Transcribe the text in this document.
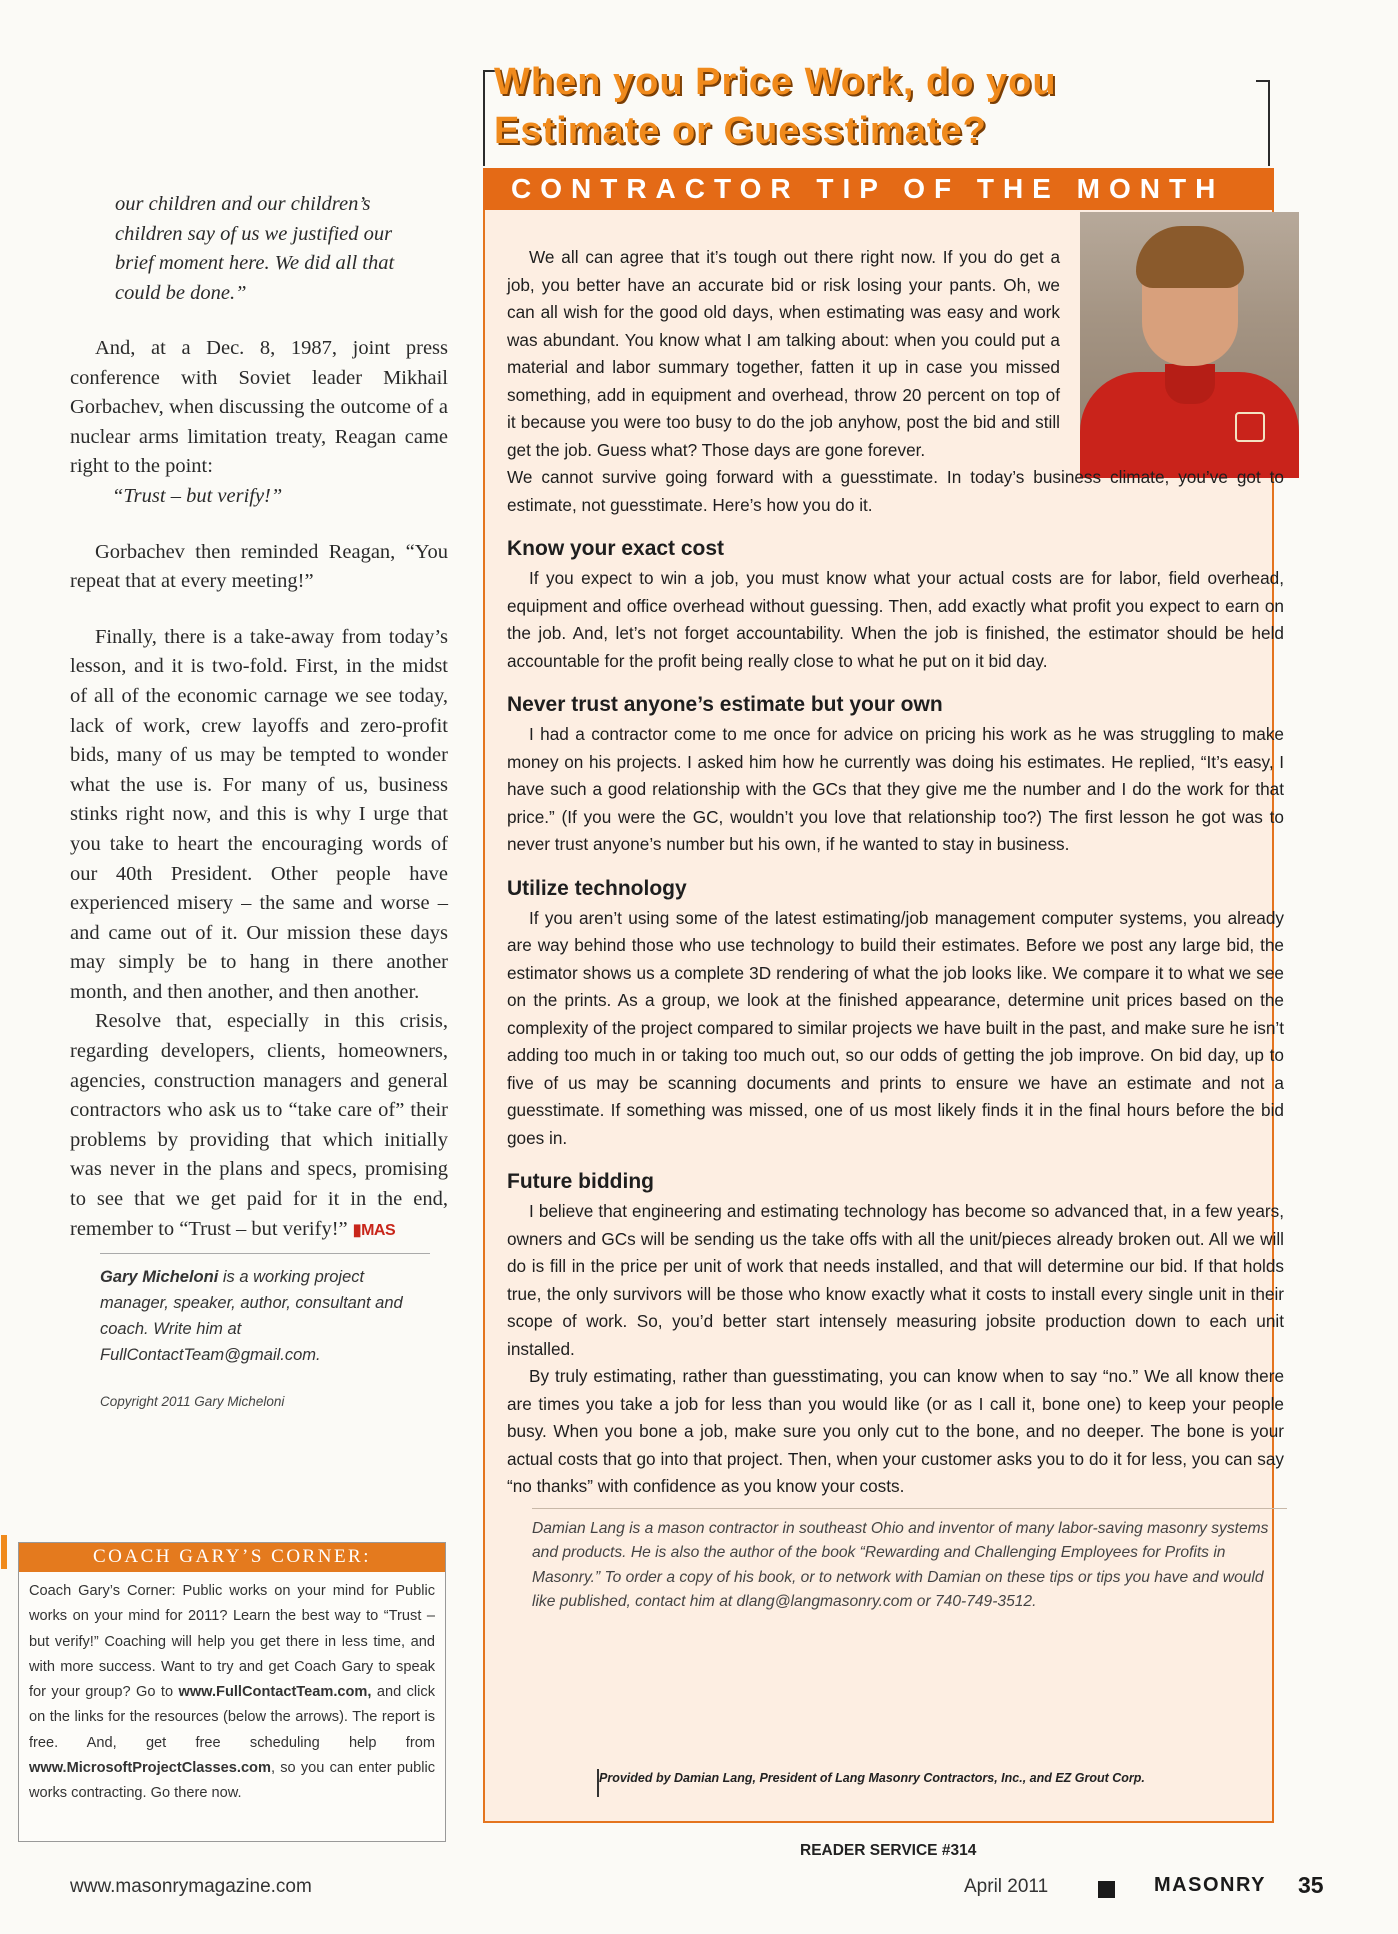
our children and our children’s children say of us we justified our brief moment here. We did all that could be done.”

And, at a Dec. 8, 1987, joint press conference with Soviet leader Mikhail Gorbachev, when discussing the outcome of a nuclear arms limitation treaty, Reagan came right to the point:

“Trust – but verify!”

Gorbachev then reminded Reagan, “You repeat that at every meeting!”

Finally, there is a take-away from today’s lesson, and it is two-fold. First, in the midst of all of the economic carnage we see today, lack of work, crew layoffs and zero-profit bids, many of us may be tempted to wonder what the use is. For many of us, business stinks right now, and this is why I urge that you take to heart the encouraging words of our 40th President. Other people have experienced misery – the same and worse – and came out of it. Our mission these days may simply be to hang in there another month, and then another, and then another.

Resolve that, especially in this crisis, regarding developers, clients, homeowners, agencies, construction managers and general contractors who ask us to “take care of” their problems by providing that which initially was never in the plans and specs, promising to see that we get paid for it in the end, remember to “Trust – but verify!” ▮MAS

Gary Micheloni is a working project manager, speaker, author, consultant and coach. Write him at FullContactTeam@gmail.com.

Copyright 2011 Gary Micheloni

COACH GARY’S CORNER:

Coach Gary’s Corner: Public works on your mind for Public works on your mind for 2011? Learn the best way to “Trust – but verify!” Coaching will help you get there in less time, and with more success. Want to try and get Coach Gary to speak for your group? Go to www.FullContactTeam.com, and click on the links for the resources (below the arrows). The report is free. And, get free scheduling help from www.MicrosoftProjectClasses.com, so you can enter public works contracting. Go there now.

When you Price Work, do you
Estimate or Guesstimate?
CONTRACTOR TIP OF THE MONTH

We all can agree that it’s tough out there right now. If you do get a job, you better have an accurate bid or risk losing your pants. Oh, we can all wish for the good old days, when estimating was easy and work was abundant. You know what I am talking about: when you could put a material and labor summary together, fatten it up in case you missed something, add in equipment and overhead, throw 20 percent on top of it because you were too busy to do the job anyhow, post the bid and still get the job. Guess what? Those days are gone forever.

We cannot survive going forward with a guesstimate. In today’s business climate, you’ve got to estimate, not guesstimate. Here’s how you do it.

Know your exact cost

If you expect to win a job, you must know what your actual costs are for labor, field overhead, equipment and office overhead without guessing. Then, add exactly what profit you expect to earn on the job. And, let’s not forget accountability. When the job is finished, the estimator should be held accountable for the profit being really close to what he put on it bid day.

Never trust anyone’s estimate but your own

I had a contractor come to me once for advice on pricing his work as he was struggling to make money on his projects. I asked him how he currently was doing his estimates. He replied, “It’s easy, I have such a good relationship with the GCs that they give me the number and I do the work for that price.” (If you were the GC, wouldn’t you love that relationship too?) The first lesson he got was to never trust anyone’s number but his own, if he wanted to stay in business.

Utilize technology

If you aren’t using some of the latest estimating/job management computer systems, you already are way behind those who use technology to build their estimates. Before we post any large bid, the estimator shows us a complete 3D rendering of what the job looks like. We compare it to what we see on the prints. As a group, we look at the finished appearance, determine unit prices based on the complexity of the project compared to similar projects we have built in the past, and make sure he isn’t adding too much in or taking too much out, so our odds of getting the job improve. On bid day, up to five of us may be scanning documents and prints to ensure we have an estimate and not a guesstimate. If something was missed, one of us most likely finds it in the final hours before the bid goes in.

Future bidding

I believe that engineering and estimating technology has become so advanced that, in a few years, owners and GCs will be sending us the take offs with all the unit/pieces already broken out. All we will do is fill in the price per unit of work that needs installed, and that will determine our bid. If that holds true, the only survivors will be those who know exactly what it costs to install every single unit in their scope of work. So, you’d better start intensely measuring jobsite production down to each unit installed.

By truly estimating, rather than guesstimating, you can know when to say “no.” We all know there are times you take a job for less than you would like (or as I call it, bone one) to keep your people busy. When you bone a job, make sure you only cut to the bone, and no deeper. The bone is your actual costs that go into that project. Then, when your customer asks you to do it for less, you can say “no thanks” with confidence as you know your costs.

Damian Lang is a mason contractor in southeast Ohio and inventor of many labor-saving masonry systems and products. He is also the author of the book “Rewarding and Challenging Employees for Profits in Masonry.” To order a copy of his book, or to network with Damian on these tips or tips you have and would like published, contact him at dlang@langmasonry.com or 740-749-3512.

Provided by Damian Lang, President of Lang Masonry Contractors, Inc., and EZ Grout Corp.
READER SERVICE #314
www.masonrymagazine.com	April 2011	MASONRY 35
